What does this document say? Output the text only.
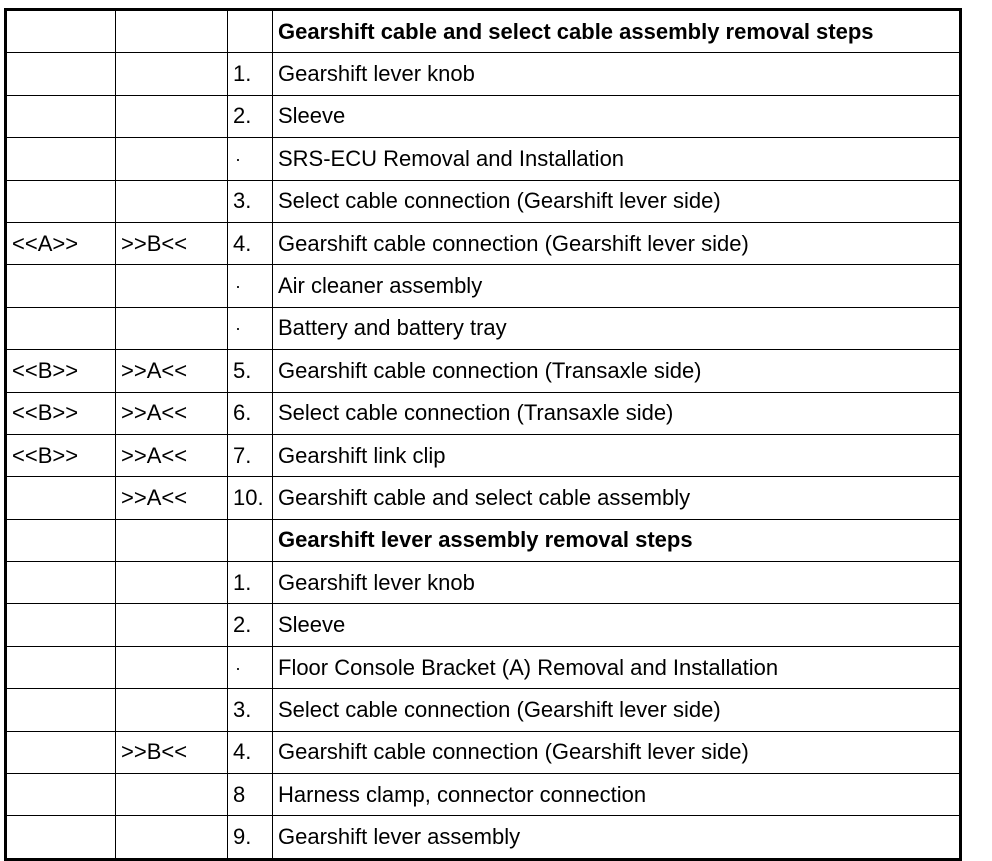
			Gearshift cable and select cable assembly removal steps
		1.	Gearshift lever knob
		2.	Sleeve
		·	SRS-ECU Removal and Installation
		3.	Select cable connection (Gearshift lever side)
<<A>>	>>B<<	4.	Gearshift cable connection (Gearshift lever side)
		·	Air cleaner assembly
		·	Battery and battery tray
<<B>>	>>A<<	5.	Gearshift cable connection (Transaxle side)
<<B>>	>>A<<	6.	Select cable connection (Transaxle side)
<<B>>	>>A<<	7.	Gearshift link clip
	>>A<<	10.	Gearshift cable and select cable assembly
			Gearshift lever assembly removal steps
		1.	Gearshift lever knob
		2.	Sleeve
		·	Floor Console Bracket (A) Removal and Installation
		3.	Select cable connection (Gearshift lever side)
	>>B<<	4.	Gearshift cable connection (Gearshift lever side)
		8	Harness clamp, connector connection
		9.	Gearshift lever assembly
